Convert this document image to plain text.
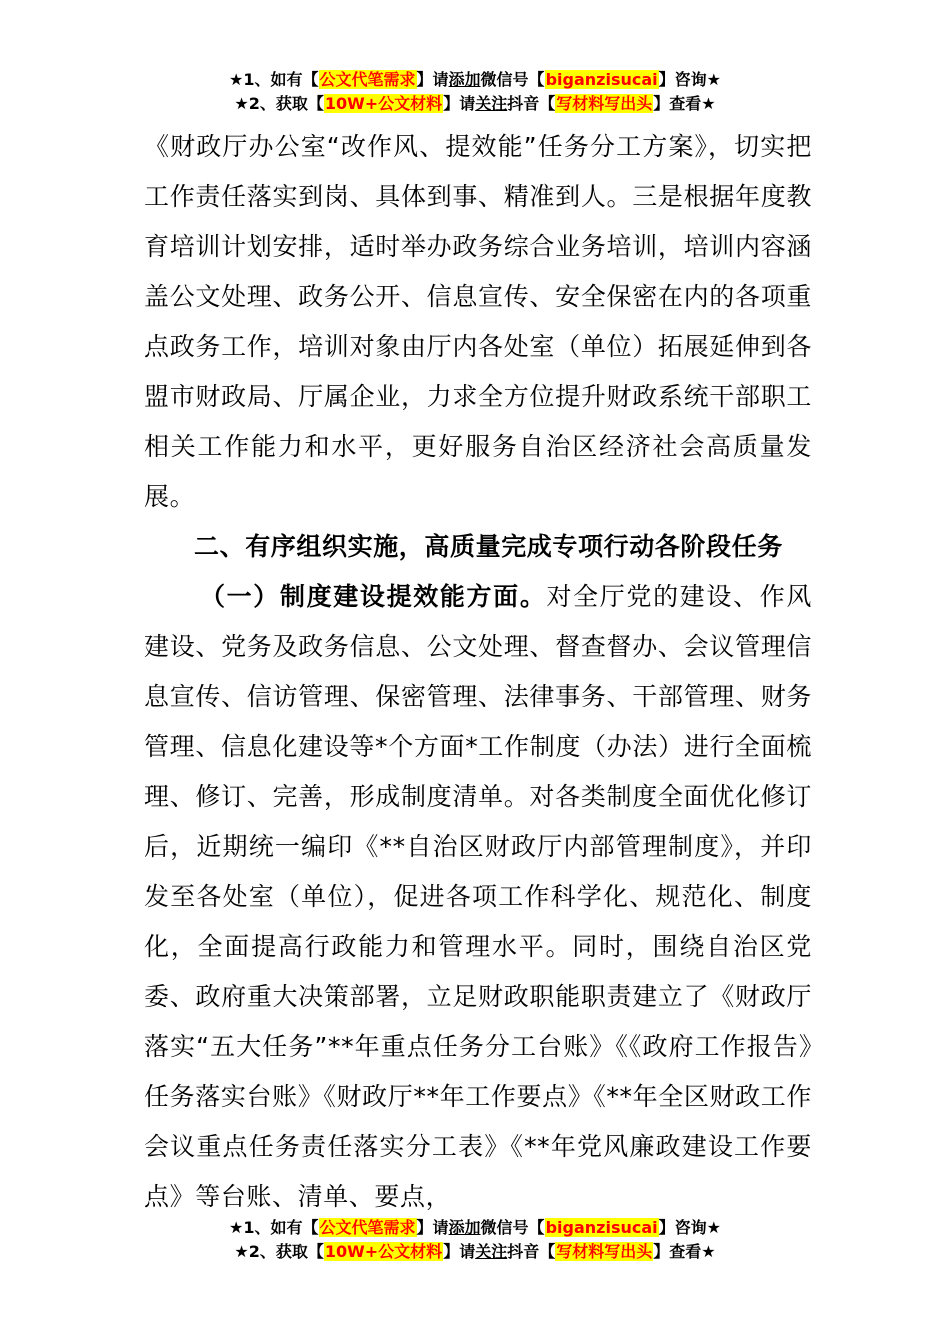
★1、如有【公文代笔需求】请添加微信号【biganzisucai】咨询★
★2、获取【10W+公文材料】请关注抖音【写材料写出头】查看★

《财政厅办公室“改作风、提效能”任务分工方案》，切实把工作责任落实到岗、具体到事、精准到人。三是根据年度教育培训计划安排，适时举办政务综合业务培训，培训内容涵盖公文处理、政务公开、信息宣传、安全保密在内的各项重点政务工作，培训对象由厅内各处室（单位）拓展延伸到各盟市财政局、厅属企业，力求全方位提升财政系统干部职工相关工作能力和水平，更好服务自治区经济社会高质量发展。

二、有序组织实施，高质量完成专项行动各阶段任务

（一）制度建设提效能方面。对全厅党的建设、作风建设、党务及政务信息、公文处理、督查督办、会议管理信息宣传、信访管理、保密管理、法律事务、干部管理、财务管理、信息化建设等*个方面*工作制度（办法）进行全面梳理、修订、完善，形成制度清单。对各类制度全面优化修订后，近期统一编印《**自治区财政厅内部管理制度》，并印发至各处室（单位），促进各项工作科学化、规范化、制度化，全面提高行政能力和管理水平。同时，围绕自治区党委、政府重大决策部署，立足财政职能职责建立了《财政厅落实“五大任务”**年重点任务分工台账》《《政府工作报告》任务落实台账》《财政厅**年工作要点》《**年全区财政工作会议重点任务责任落实分工表》《**年党风廉政建设工作要点》等台账、清单、要点，

★1、如有【公文代笔需求】请添加微信号【biganzisucai】咨询★
★2、获取【10W+公文材料】请关注抖音【写材料写出头】查看★
